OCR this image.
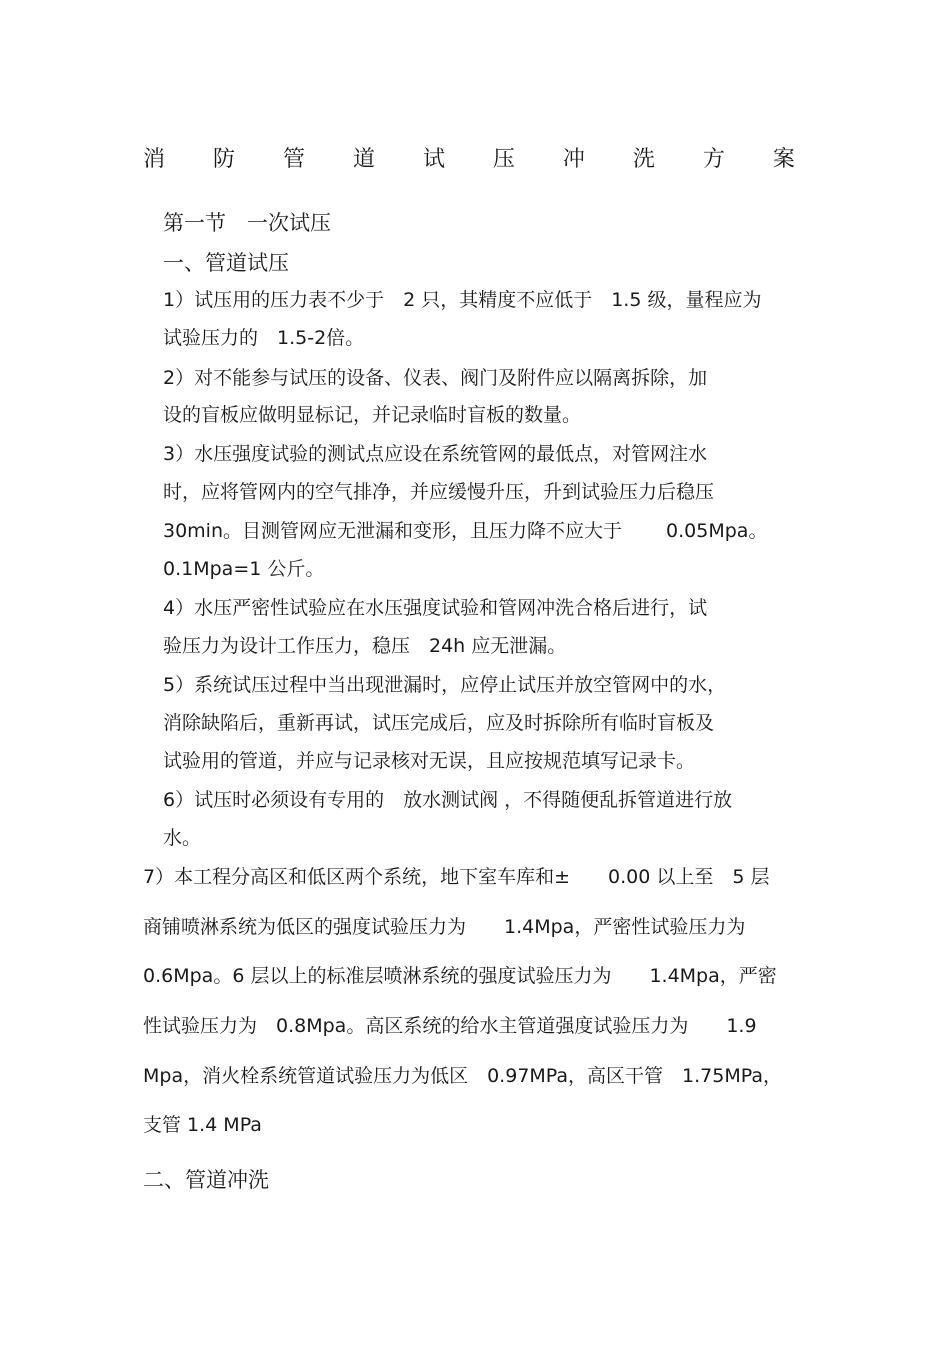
消 防 管 道 试 压 冲 洗 方 案
第一节　一次试压
一、管道试压
1）试压用的压力表不少于　2 只，其精度不应低于　1.5 级，量程应为
试验压力的　1.5-2倍。
2）对不能参与试压的设备、仪表、阀门及附件应以隔离拆除，加
设的盲板应做明显标记，并记录临时盲板的数量。
3）水压强度试验的测试点应设在系统管网的最低点，对管网注水
时，应将管网内的空气排净，并应缓慢升压，升到试验压力后稳压
30min。目测管网应无泄漏和变形，且压力降不应大于　　 0.05Mpa。
0.1Mpa=1 公斤。
4）水压严密性试验应在水压强度试验和管网冲洗合格后进行，试
验压力为设计工作压力，稳压　24h 应无泄漏。
5）系统试压过程中当出现泄漏时，应停止试压并放空管网中的水，
消除缺陷后，重新再试，试压完成后，应及时拆除所有临时盲板及
试验用的管道，并应与记录核对无误，且应按规范填写记录卡。
6）试压时必须设有专用的　放水测试阀 ，不得随便乱拆管道进行放
水。
7）本工程分高区和低区两个系统，地下室车库和±　　0.00 以上至　5 层
商铺喷淋系统为低区的强度试验压力为　　1.4Mpa，严密性试验压力为
0.6Mpa。6 层以上的标准层喷淋系统的强度试验压力为　　1.4Mpa，严密
性试验压力为　0.8Mpa。高区系统的给水主管道强度试验压力为　　1.9
Mpa，消火栓系统管道试验压力为低区　0.97MPa，高区干管　1.75MPa，
支管 1.4 MPa
二、管道冲洗
